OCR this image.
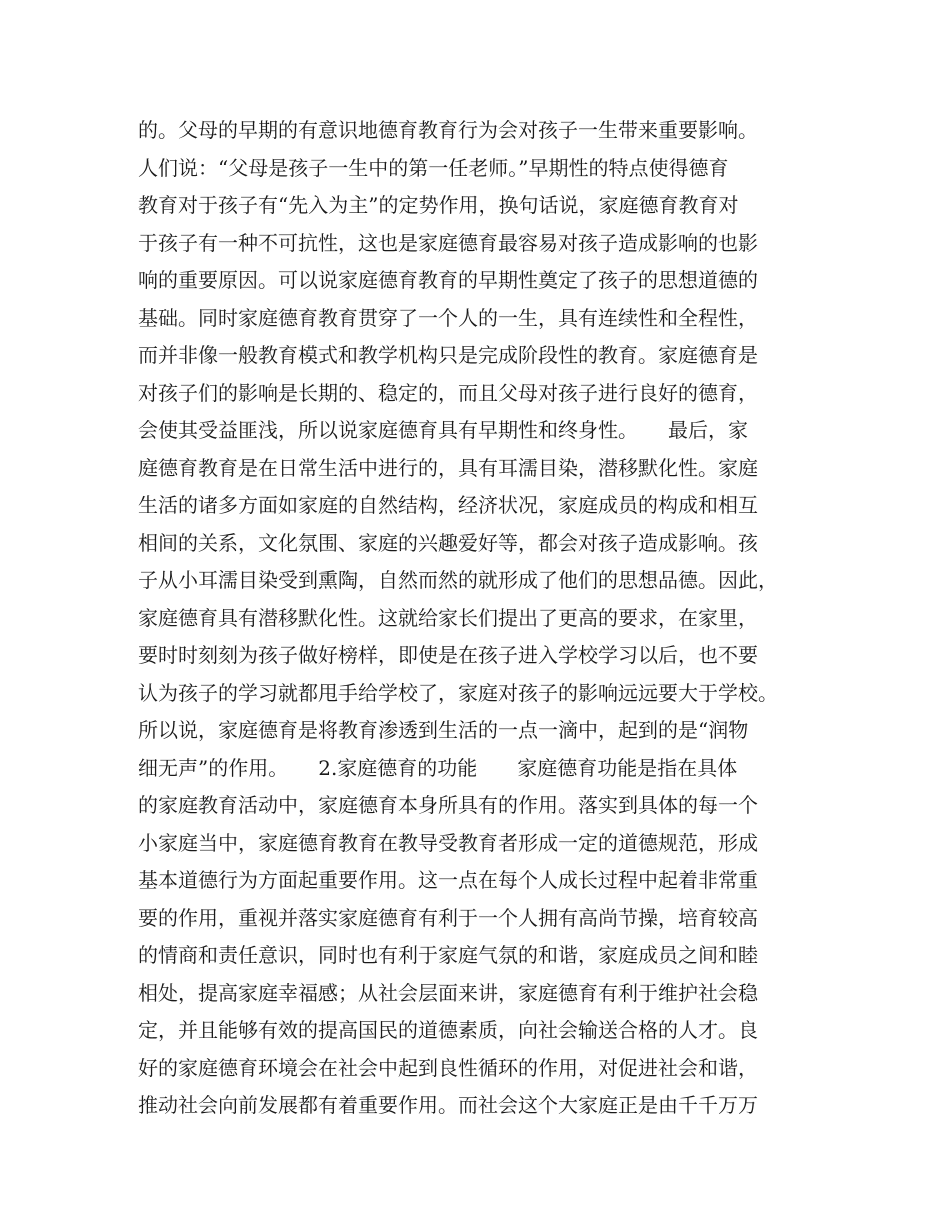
的。父母的早期的有意识地德育教育行为会对孩子一生带来重要影响。
人们说：“父母是孩子一生中的第一任老师。”早期性的特点使得德育
教育对于孩子有“先入为主”的定势作用，换句话说，家庭德育教育对
于孩子有一种不可抗性，这也是家庭德育最容易对孩子造成影响的也影
响的重要原因。可以说家庭德育教育的早期性奠定了孩子的思想道德的
基础。同时家庭德育教育贯穿了一个人的一生，具有连续性和全程性，
而并非像一般教育模式和教学机构只是完成阶段性的教育。家庭德育是
对孩子们的影响是长期的、稳定的，而且父母对孩子进行良好的德育，
会使其受益匪浅，所以说家庭德育具有早期性和终身性。　　最后，家
庭德育教育是在日常生活中进行的，具有耳濡目染，潜移默化性。家庭
生活的诸多方面如家庭的自然结构，经济状况，家庭成员的构成和相互
相间的关系，文化氛围、家庭的兴趣爱好等，都会对孩子造成影响。孩
子从小耳濡目染受到熏陶，自然而然的就形成了他们的思想品德。因此，
家庭德育具有潜移默化性。这就给家长们提出了更高的要求，在家里，
要时时刻刻为孩子做好榜样，即使是在孩子进入学校学习以后，也不要
认为孩子的学习就都甩手给学校了，家庭对孩子的影响远远要大于学校。
所以说，家庭德育是将教育渗透到生活的一点一滴中，起到的是“润物
细无声”的作用。　　2.家庭德育的功能　　家庭德育功能是指在具体
的家庭教育活动中，家庭德育本身所具有的作用。落实到具体的每一个
小家庭当中，家庭德育教育在教导受教育者形成一定的道德规范，形成
基本道德行为方面起重要作用。这一点在每个人成长过程中起着非常重
要的作用，重视并落实家庭德育有利于一个人拥有高尚节操，培育较高
的情商和责任意识，同时也有利于家庭气氛的和谐，家庭成员之间和睦
相处，提高家庭幸福感；从社会层面来讲，家庭德育有利于维护社会稳
定，并且能够有效的提高国民的道德素质，向社会输送合格的人才。良
好的家庭德育环境会在社会中起到良性循环的作用，对促进社会和谐，
推动社会向前发展都有着重要作用。而社会这个大家庭正是由千千万万
